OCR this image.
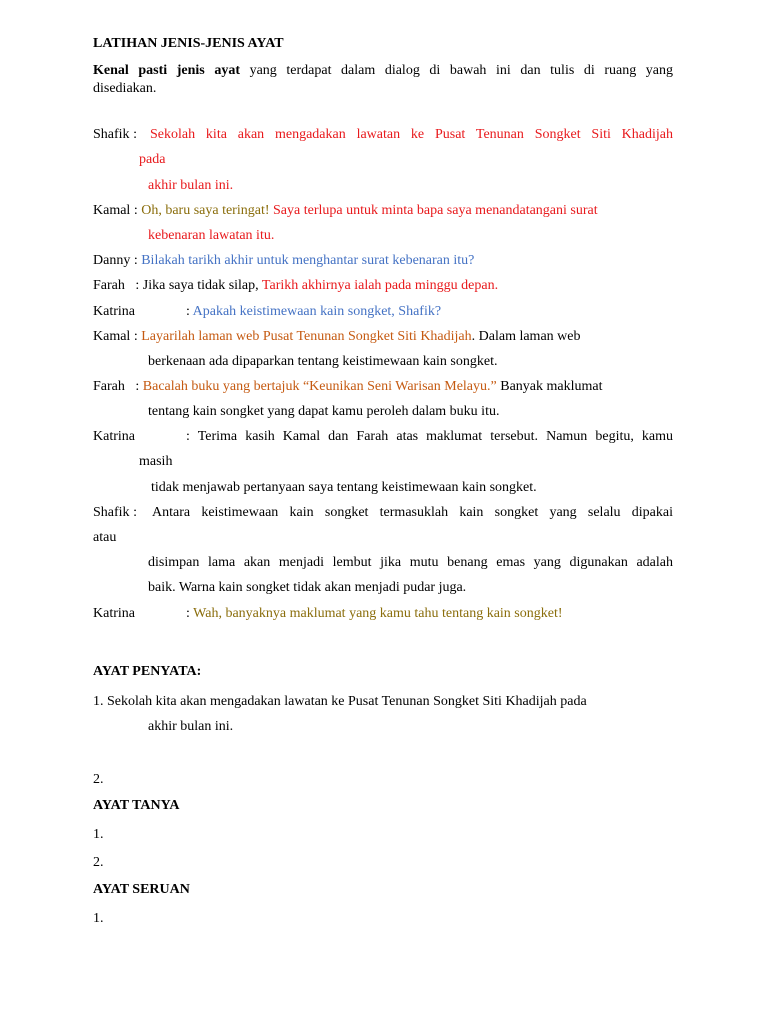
LATIHAN JENIS-JENIS AYAT
Kenal pasti jenis ayat yang terdapat dalam dialog di bawah ini dan tulis di ruang yang
disediakan.
Shafik : Sekolah kita akan mengadakan lawatan ke Pusat Tenunan Songket Siti Khadijah
pada
akhir bulan ini.
Kamal : Oh, baru saya teringat! Saya terlupa untuk minta bapa saya menandatangani surat
kebenaran lawatan itu.
Danny : Bilakah tarikh akhir untuk menghantar surat kebenaran itu?
Farah : Jika saya tidak silap, Tarikh akhirnya ialah pada minggu depan.
Katrina	: Apakah keistimewaan kain songket, Shafik?
Kamal : Layarilah laman web Pusat Tenunan Songket Siti Khadijah. Dalam laman web
berkenaan ada dipaparkan tentang keistimewaan kain songket.
Farah : Bacalah buku yang bertajuk “Keunikan Seni Warisan Melayu.” Banyak maklumat
tentang kain songket yang dapat kamu peroleh dalam buku itu.
Katrina	: Terima kasih Kamal dan Farah atas maklumat tersebut. Namun begitu, kamu
masih
tidak menjawab pertanyaan saya tentang keistimewaan kain songket.
Shafik : Antara keistimewaan kain songket termasuklah kain songket yang selalu dipakai
atau
disimpan lama akan menjadi lembut jika mutu benang emas yang digunakan adalah
baik. Warna kain songket tidak akan menjadi pudar juga.
Katrina	: Wah, banyaknya maklumat yang kamu tahu tentang kain songket!
AYAT PENYATA:
1. Sekolah kita akan mengadakan lawatan ke Pusat Tenunan Songket Siti Khadijah pada
akhir bulan ini.
2.
AYAT TANYA
1.
2.
AYAT SERUAN
1.
